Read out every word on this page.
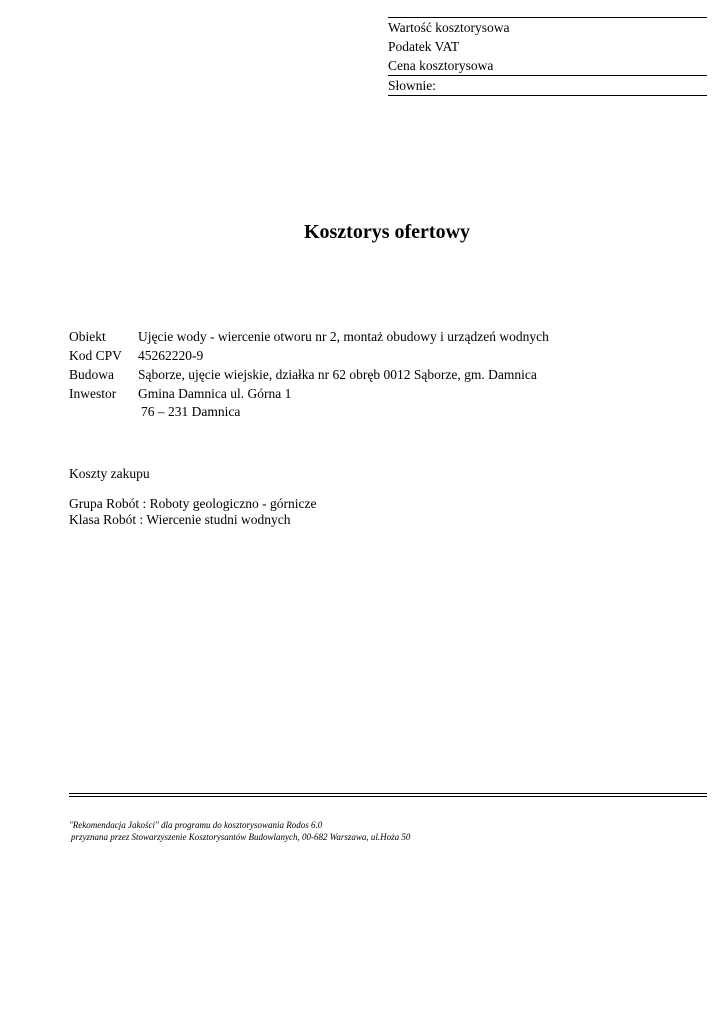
Wartość kosztorysowa
Podatek VAT
Cena kosztorysowa
Słownie:
Kosztorys ofertowy
Obiekt	Ujęcie wody - wiercenie otworu nr 2, montaż obudowy i urządzeń wodnych
Kod CPV	45262220-9
Budowa	Sąborze, ujęcie wiejskie, działka nr 62 obręb 0012 Sąborze, gm. Damnica
Inwestor	Gmina Damnica ul. Górna 1
76 – 231 Damnica
Koszty zakupu
Grupa Robót : Roboty geologiczno - górnicze
Klasa Robót : Wiercenie studni wodnych
"Rekomendacja Jakości" dla programu do kosztorysowania Rodos 6.0
przyznana przez Stowarzyszenie Kosztorysantów Budowlanych, 00-682 Warszawa, ul.Hoża 50
